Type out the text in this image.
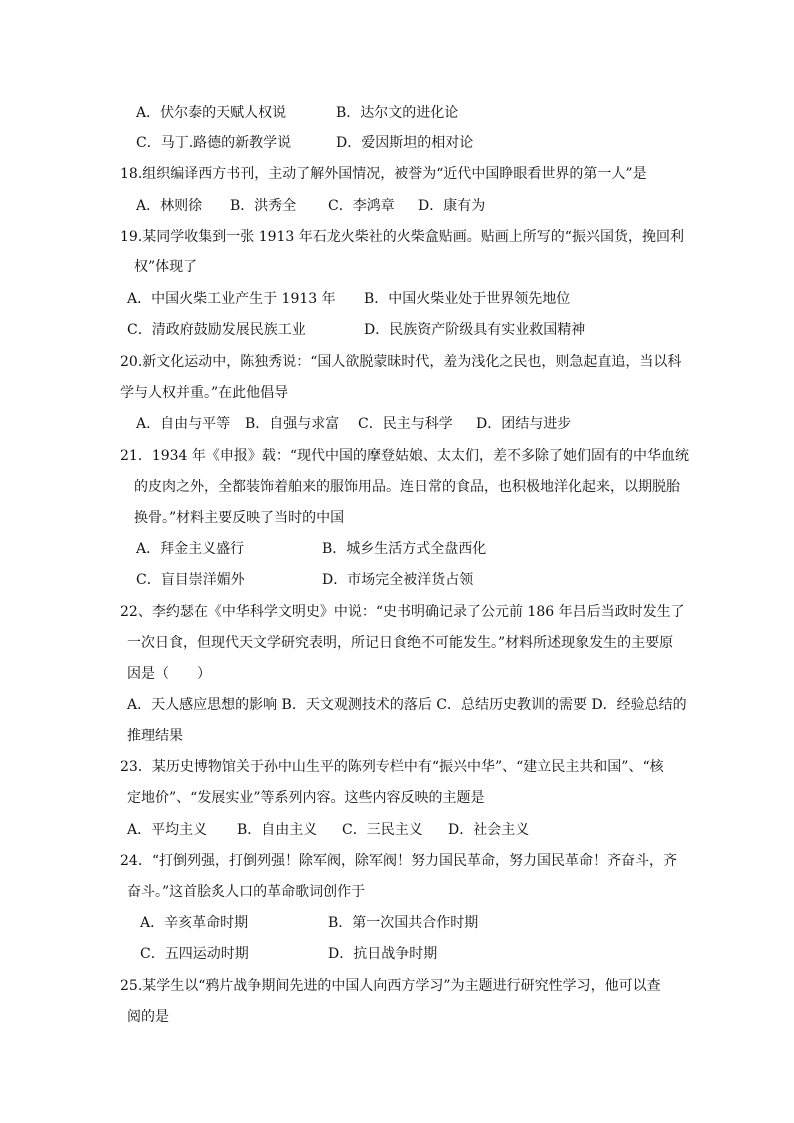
A．伏尔泰的天赋人权说	B．达尔文的进化论
C．马丁.路德的新教学说	D．爱因斯坦的相对论
18.组织编译西方书刊，主动了解外国情况，被誉为“近代中国睁眼看世界的第一人”是
A．林则徐 B．洪秀全 C．李鸿章 D．康有为
19.某同学收集到一张 1913 年石龙火柴社的火柴盒贴画。贴画上所写的“振兴国货，挽回利
权”体现了
A．中国火柴工业产生于 1913 年 B．中国火柴业处于世界领先地位
C．清政府鼓励发展民族工业	D．民族资产阶级具有实业救国精神
20.新文化运动中，陈独秀说：“国人欲脱蒙昧时代，羞为浅化之民也，则急起直追，当以科
学与人权并重。”在此他倡导
A．自由与平等 B．自强与求富 C．民主与科学 D．团结与进步
21．1934 年《申报》载：“现代中国的摩登姑娘、太太们，差不多除了她们固有的中华血统
的皮肉之外，全都装饰着舶来的服饰用品。连日常的食品，也积极地洋化起来，以期脱胎
换骨。”材料主要反映了当时的中国
A．拜金主义盛行	B．城乡生活方式全盘西化
C．盲目崇洋媚外	D．市场完全被洋货占领
22、李约瑟在《中华科学文明史》中说：“史书明确记录了公元前 186 年吕后当政时发生了
一次日食，但现代天文学研究表明，所记日食绝不可能发生。”材料所述现象发生的主要原
因是（　　）
A．天人感应思想的影响 B．天文观测技术的落后 C．总结历史教训的需要 D．经验总结的
推理结果
23．某历史博物馆关于孙中山生平的陈列专栏中有“振兴中华”、“建立民主共和国”、“核
定地价”、“发展实业”等系列内容。这些内容反映的主题是
A．平均主义 B．自由主义 C．三民主义 D．社会主义
24．“打倒列强，打倒列强！除军阀，除军阀！努力国民革命，努力国民革命！齐奋斗，齐
奋斗。”这首脍炙人口的革命歌词创作于
A．辛亥革命时期	B．第一次国共合作时期
C．五四运动时期	D．抗日战争时期
25.某学生以“鸦片战争期间先进的中国人向西方学习”为主题进行研究性学习，他可以查
阅的是
